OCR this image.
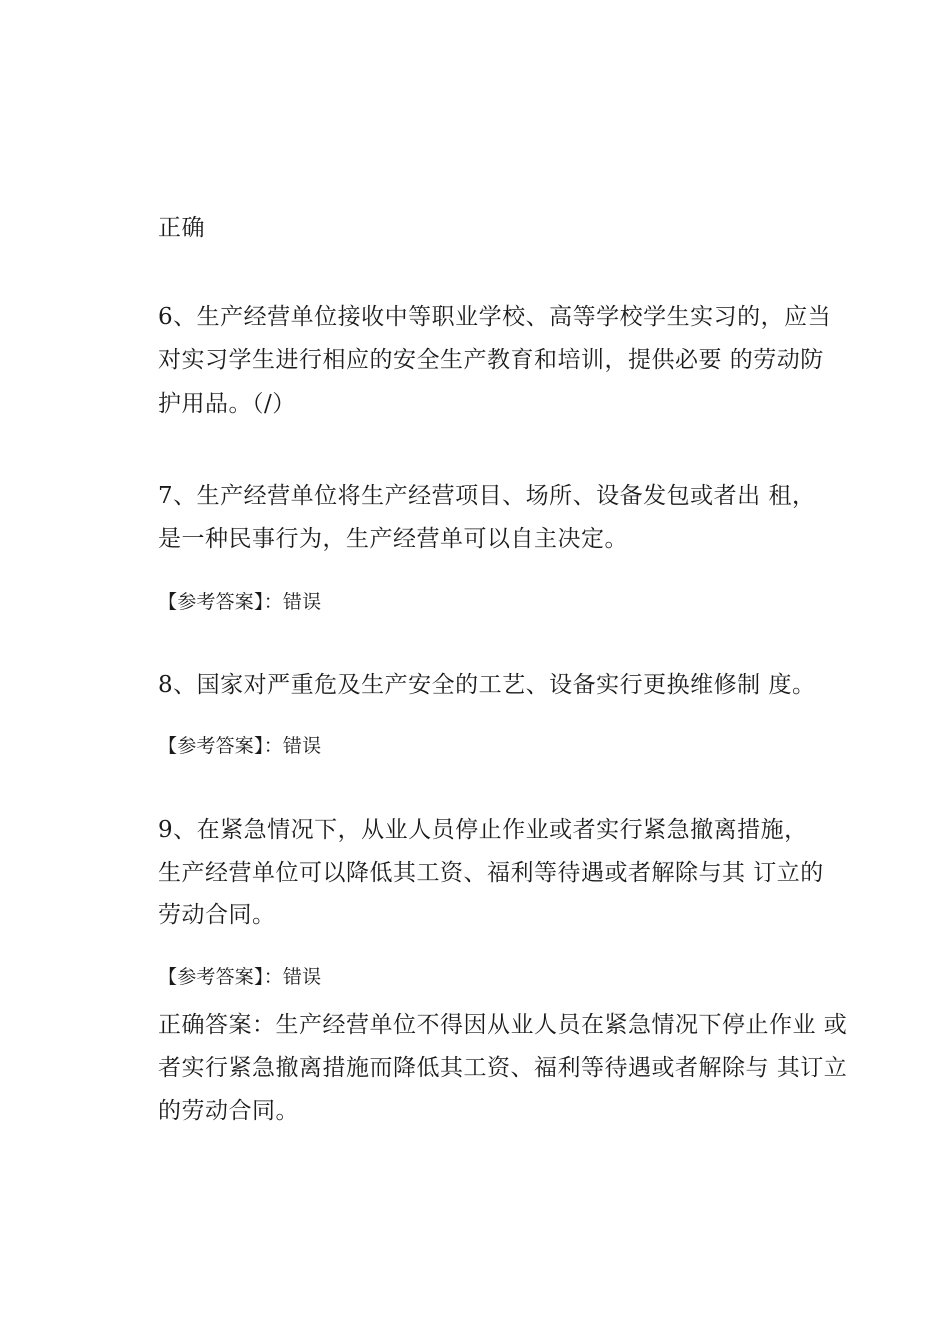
正确
6、生产经营单位接收中等职业学校、高等学校学生实习的，应当
对实习学生进行相应的安全生产教育和培训，提供必要 的劳动防
护用品。（/）
7、生产经营单位将生产经营项目、场所、设备发包或者出 租，
是一种民事行为，生产经营单可以自主决定。
【参考答案】：错误
8、国家对严重危及生产安全的工艺、设备实行更换维修制 度。
【参考答案】：错误
9、在紧急情况下，从业人员停止作业或者实行紧急撤离措施，
生产经营单位可以降低其工资、福利等待遇或者解除与其 订立的
劳动合同。
【参考答案】：错误
正确答案：生产经营单位不得因从业人员在紧急情况下停止作业 或
者实行紧急撤离措施而降低其工资、福利等待遇或者解除与 其订立
的劳动合同。
